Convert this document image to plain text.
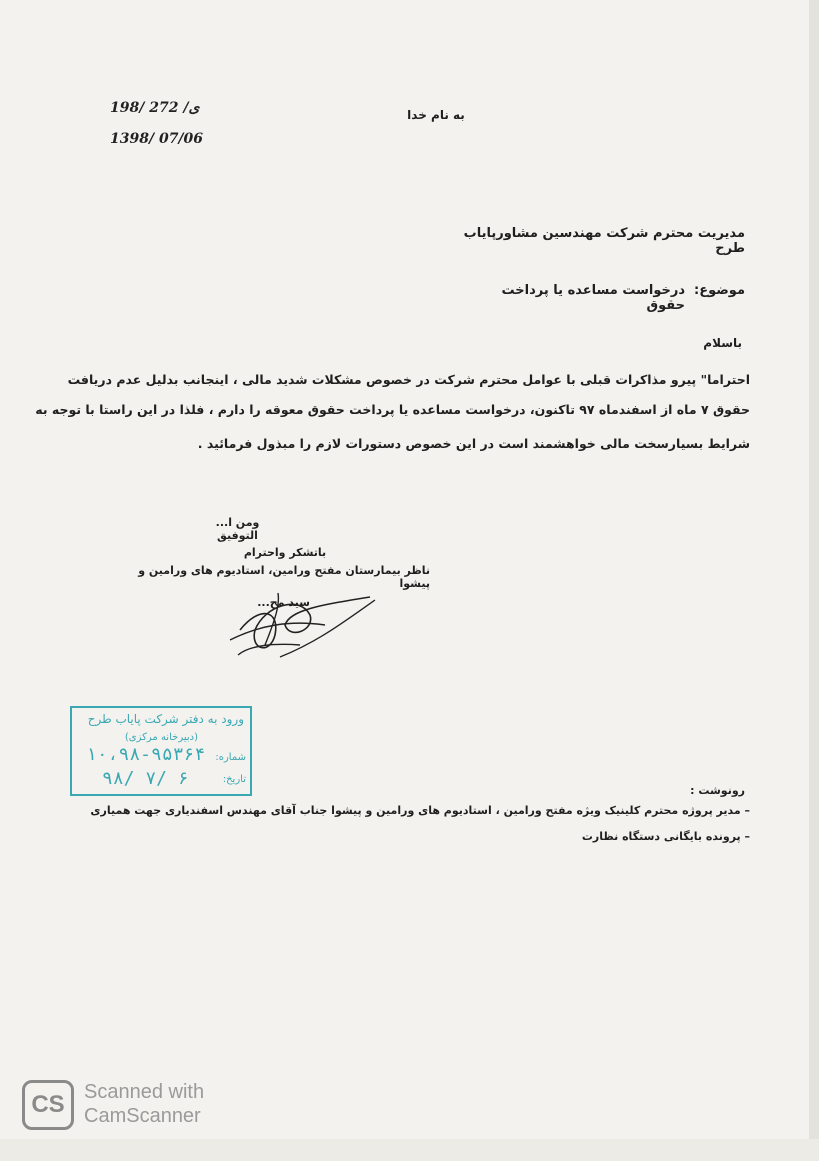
198/ ی/ 272
1398/ 07/06
به نام خدا
مدیریت محترم شرکت مهندسین مشاورپایاب طرح
موضوع:
درخواست مساعده یا پرداخت حقوق
باسلام
احتراما" پیرو مذاکرات قبلی با عوامل محترم شرکت در خصوص مشکلات شدید مالی ، اینجانب بدلیل عدم دریافت
حقوق ۷ ماه از اسفندماه ۹۷ تاکنون، درخواست مساعده یا پرداخت حقوق معوقه را دارم ، فلذا در این راستا با توجه به
شرایط بسیارسخت مالی خواهشمند است در این خصوص دستورات لازم را مبذول فرمائید .
ومن ا... التوفیق
باتشکر واحترام
ناظر بیمارستان مفتح ورامین، استادیوم های ورامین و پیشوا
سید مح...
ورود به دفتر شرکت پایاب طرح
(دبیرخانه مرکزی)
شماره:
۱۰،۹۸-۹۵۳۶۴
تاریخ:
۹۸/ ۷/ ۶
رونوشت :
– مدیر پروژه محترم کلینیک ویژه مفتح ورامین ، استادیوم های ورامین و پیشوا جناب آقای مهندس اسفندیاری جهت همیاری
– پرونده بایگانی دستگاه نظارت
CS Scanned with
CamScanner
